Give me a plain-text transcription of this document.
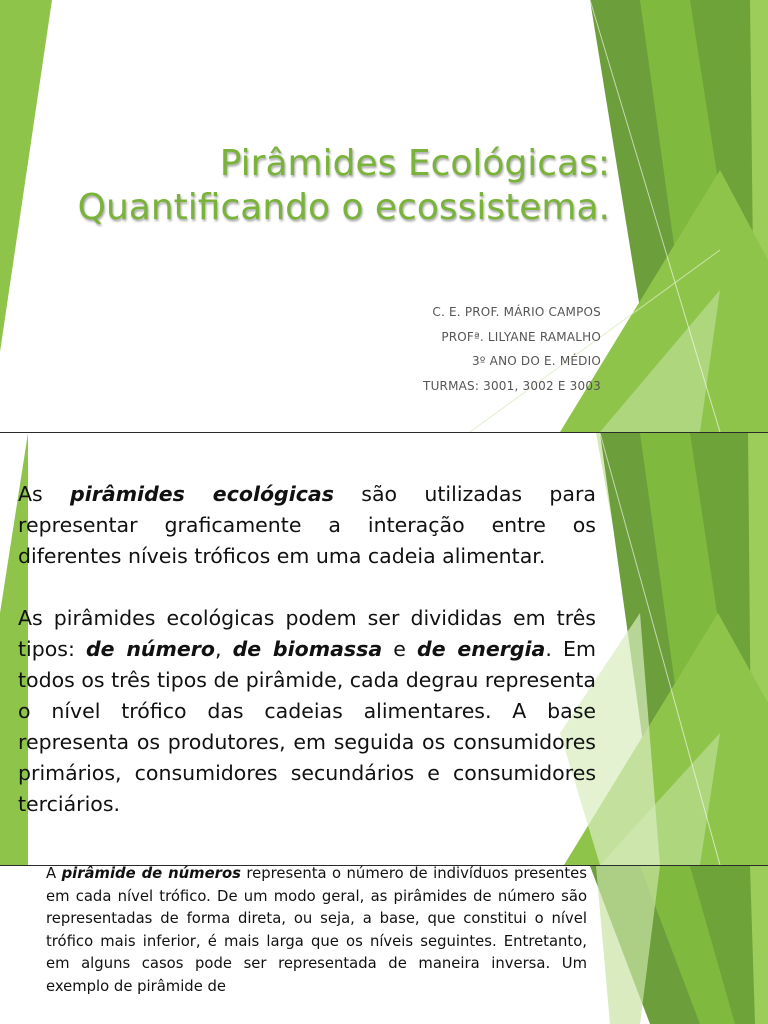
Pirâmides Ecológicas:
Quantificando o ecossistema.
C. E. PROF. MÁRIO CAMPOS
PROFª. LILYANE RAMALHO
3º ANO DO E. MÉDIO
TURMAS: 3001, 3002 E 3003

As pirâmides ecológicas são utilizadas para representar graficamente a interação entre os diferentes níveis tróficos em uma cadeia alimentar.

As pirâmides ecológicas podem ser divididas em três tipos: de número, de biomassa e de energia. Em todos os três tipos de pirâmide, cada degrau representa o nível trófico das cadeias alimentares. A base representa os produtores, em seguida os consumidores primários, consumidores secundários e consumidores terciários.

A pirâmide de números representa o número de indivíduos presentes em cada nível trófico. De um modo geral, as pirâmides de número são representadas de forma direta, ou seja, a base, que constitui o nível trófico mais inferior, é mais larga que os níveis seguintes. Entretanto, em alguns casos pode ser representada de maneira inversa. Um exemplo de pirâmide de
